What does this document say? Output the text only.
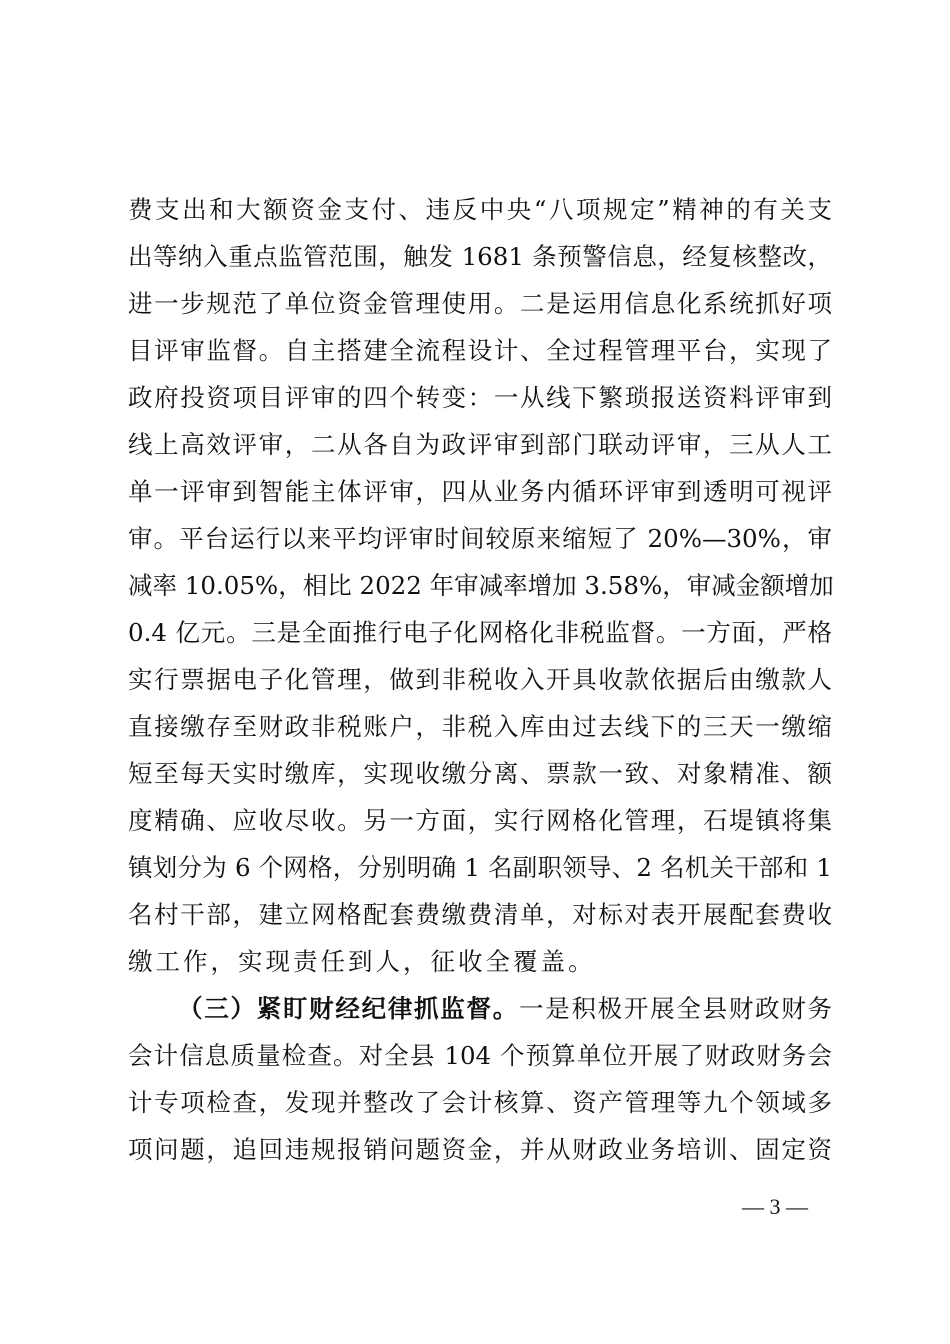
费支出和大额资金支付、违反中央“八项规定”精神的有关支
出等纳入重点监管范围，触发 1681 条预警信息，经复核整改，
进一步规范了单位资金管理使用。二是运用信息化系统抓好项
目评审监督。自主搭建全流程设计、全过程管理平台，实现了
政府投资项目评审的四个转变：一从线下繁琐报送资料评审到
线上高效评审，二从各自为政评审到部门联动评审，三从人工
单一评审到智能主体评审，四从业务内循环评审到透明可视评
审。平台运行以来平均评审时间较原来缩短了 20%—30%，审
减率 10.05%，相比 2022 年审减率增加 3.58%，审减金额增加
0.4 亿元。三是全面推行电子化网格化非税监督。一方面，严格
实行票据电子化管理，做到非税收入开具收款依据后由缴款人
直接缴存至财政非税账户，非税入库由过去线下的三天一缴缩
短至每天实时缴库，实现收缴分离、票款一致、对象精准、额
度精确、应收尽收。另一方面，实行网格化管理，石堤镇将集
镇划分为 6 个网格，分别明确 1 名副职领导、2 名机关干部和 1
名村干部，建立网格配套费缴费清单，对标对表开展配套费收
缴工作，实现责任到人，征收全覆盖。
（三）紧盯财经纪律抓监督。一是积极开展全县财政财务
会计信息质量检查。对全县 104 个预算单位开展了财政财务会
计专项检查，发现并整改了会计核算、资产管理等九个领域多
项问题，追回违规报销问题资金，并从财政业务培训、固定资
— 3 —
